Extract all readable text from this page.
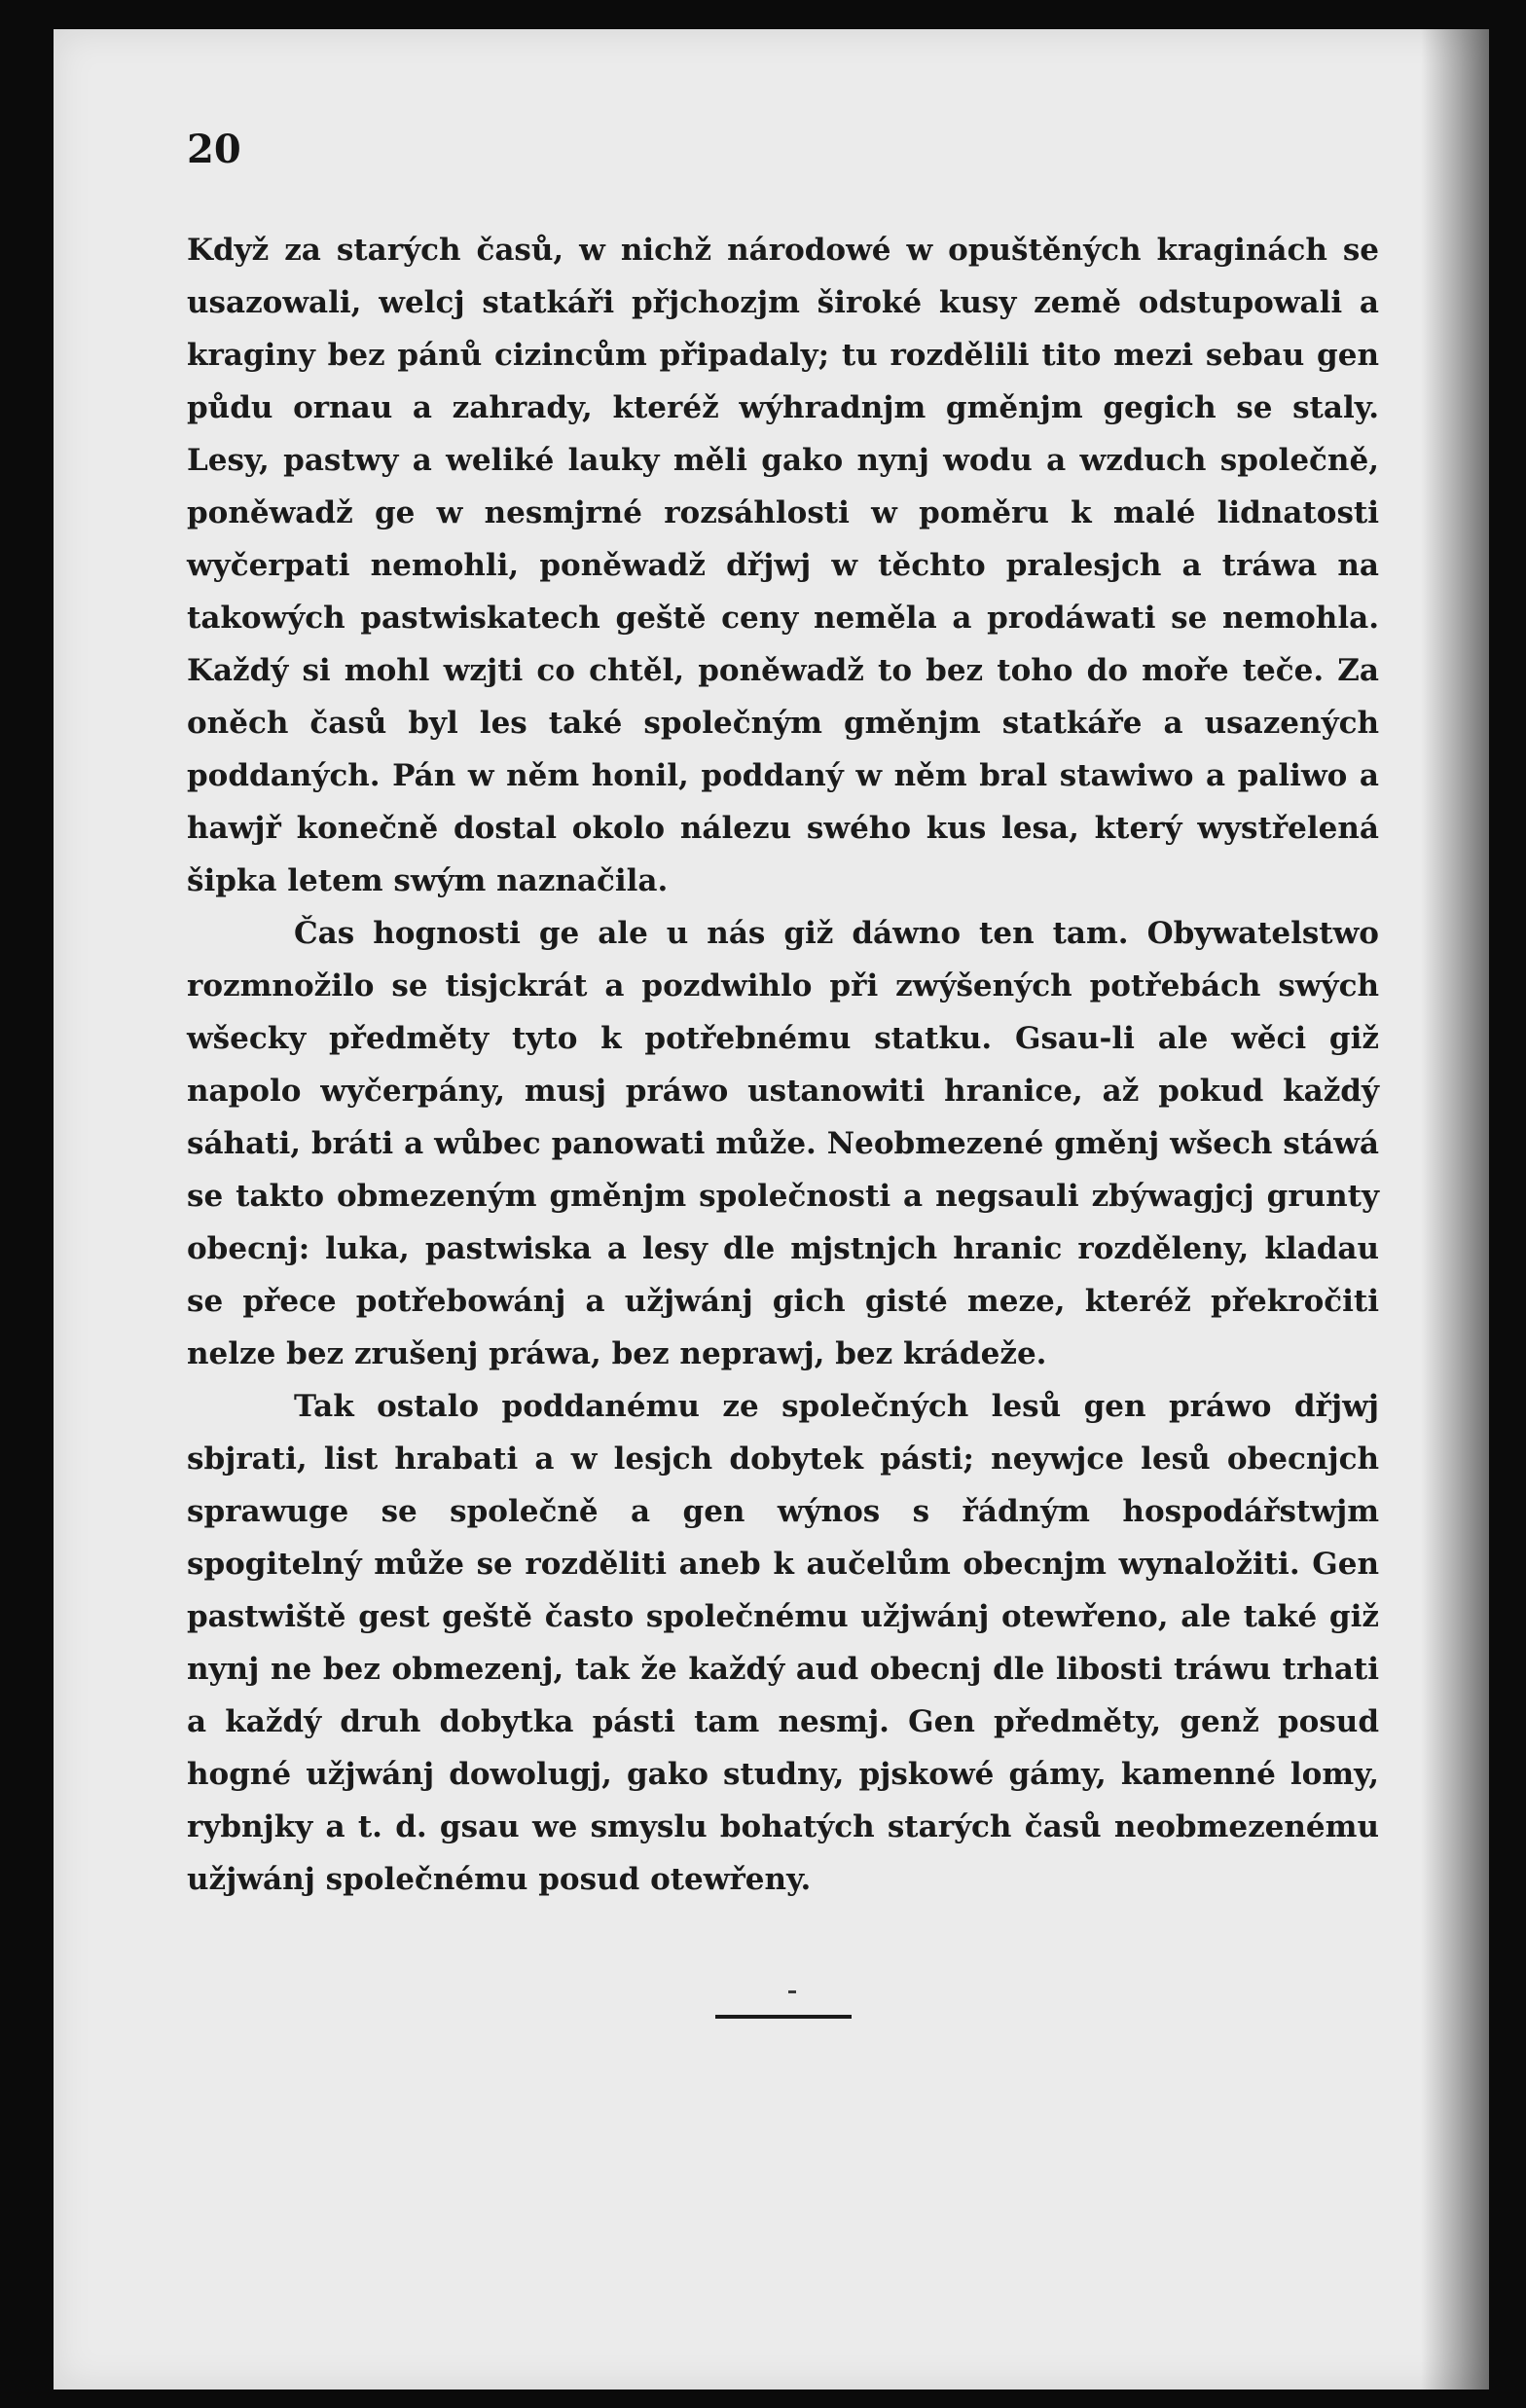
20

Když za starých časů, w nichž národowé w opuštěných kraginách se usazowali, welcj statkáři přjchozjm široké kusy země odstupowali a kraginy bez pánů cizincům připadaly; tu rozdělili tito mezi sebau gen půdu ornau a zahrady, kteréž wýhradnjm gměnjm gegich se staly. Lesy, pastwy a weliké lauky měli gako nynj wodu a wzduch společně, poněwadž ge w nesmjrné rozsáhlosti w poměru k malé lidnatosti wyčerpati nemohli, poněwadž dřjwj w těchto pralesjch a tráwa na takowých pastwiskatech geště ceny neměla a prodáwati se nemohla. Každý si mohl wzjti co chtěl, poněwadž to bez toho do moře teče. Za oněch časů byl les také společným gměnjm statkáře a usazených poddaných. Pán w něm honil, poddaný w něm bral stawiwo a paliwo a hawjř konečně dostal okolo nálezu swého kus lesa, který wystřelená šipka letem swým naznačila.

Čas hognosti ge ale u nás giž dáwno ten tam. Obywatelstwo rozmnožilo se tisjckrát a pozdwihlo při zwýšených potřebách swých wšecky předměty tyto k potřebnému statku. Gsau-li ale wěci giž napolo wyčerpány, musj práwo ustanowiti hranice, až pokud každý sáhati, bráti a wůbec panowati může. Neobmezené gměnj wšech stáwá se takto obmezeným gměnjm společnosti a negsauli zbýwagjcj grunty obecnj: luka, pastwiska a lesy dle mjstnjch hranic rozděleny, kladau se přece potřebowánj a užjwánj gich gisté meze, kteréž překročiti nelze bez zrušenj práwa, bez neprawj, bez krádeže.

Tak ostalo poddanému ze společných lesů gen práwo dřjwj sbjrati, list hrabati a w lesjch dobytek pásti; neywjce lesů obecnjch sprawuge se společně a gen wýnos s řádným hospodářstwjm spogitelný může se rozděliti aneb k aučelům obecnjm wynaložiti. Gen pastwiště gest geště často společnému užjwánj otewřeno, ale také giž nynj ne bez obmezenj, tak že každý aud obecnj dle libosti tráwu trhati a každý druh dobytka pásti tam nesmj. Gen předměty, genž posud hogné užjwánj dowolugj, gako studny, pjskowé gámy, kamenné lomy, rybnjky a t. d. gsau we smyslu bohatých starých časů neobmezenému užjwánj společnému posud otewřeny.
